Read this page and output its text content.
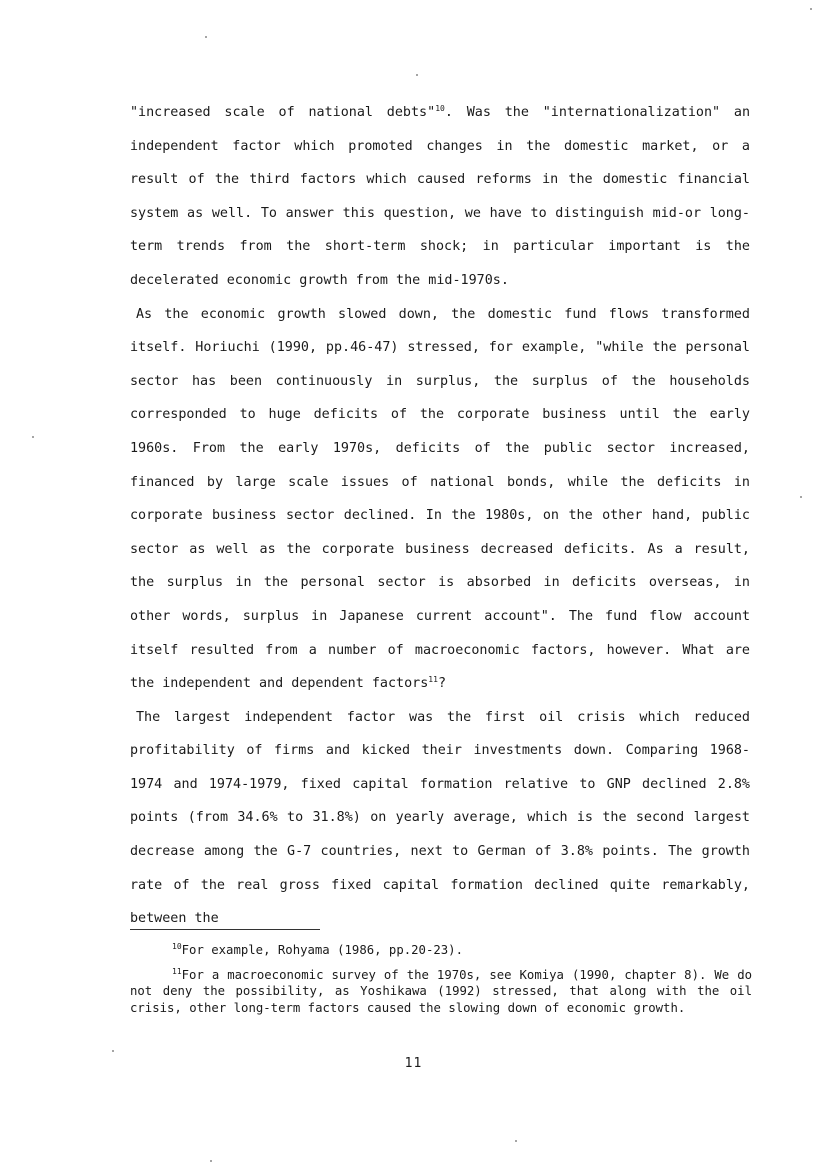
"increased scale of national debts"$^{10}$. Was the "internationalization" an independent factor which promoted changes in the domestic market, or a result of the third factors which caused reforms in the domestic financial system as well. To answer this question, we have to distinguish mid-or long-term trends from the short-term shock; in particular important is the decelerated economic growth from the mid-1970s.

As the economic growth slowed down, the domestic fund flows transformed itself. Horiuchi (1990, pp.46-47) stressed, for example, "while the personal sector has been continuously in surplus, the surplus of the households corresponded to huge deficits of the corporate business until the early 1960s. From the early 1970s, deficits of the public sector increased, financed by large scale issues of national bonds, while the deficits in corporate business sector declined. In the 1980s, on the other hand, public sector as well as the corporate business decreased deficits. As a result, the surplus in the personal sector is absorbed in deficits overseas, in other words, surplus in Japanese current account". The fund flow account itself resulted from a number of macroeconomic factors, however. What are the independent and dependent factors$^{11}$?

The largest independent factor was the first oil crisis which reduced profitability of firms and kicked their investments down. Comparing 1968-1974 and 1974-1979, fixed capital formation relative to GNP declined 2.8% points (from 34.6% to 31.8%) on yearly average, which is the second largest decrease among the G-7 countries, next to German of 3.8% points. The growth rate of the real gross fixed capital formation declined quite remarkably, between the

$^{10}$For example, Rohyama (1986, pp.20-23).

$^{11}$For a macroeconomic survey of the 1970s, see Komiya (1990, chapter 8). We do not deny the possibility, as Yoshikawa (1992) stressed, that along with the oil crisis, other long-term factors caused the slowing down of economic growth.

11
